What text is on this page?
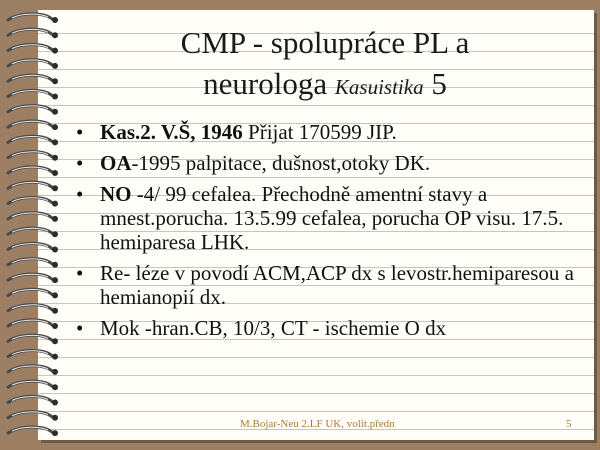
CMP - spolupráce PL a
neurologa Kasuistika 5
• Kas.2. V.Š, 1946 Přijat 170599 JIP.
• OA-1995 palpitace, dušnost,otoky DK.
• NO -4/ 99 cefalea. Přechodně amentní stavy a mnest.porucha. 13.5.99 cefalea, porucha OP visu. 17.5. hemiparesa LHK.
• Re- léze v povodí ACM,ACP dx s levostr.hemiparesou a hemianopií dx.
• Mok -hran.CB, 10/3, CT - ischemie O dx
M.Bojar-Neu 2.LF UK, volit.předn	5
